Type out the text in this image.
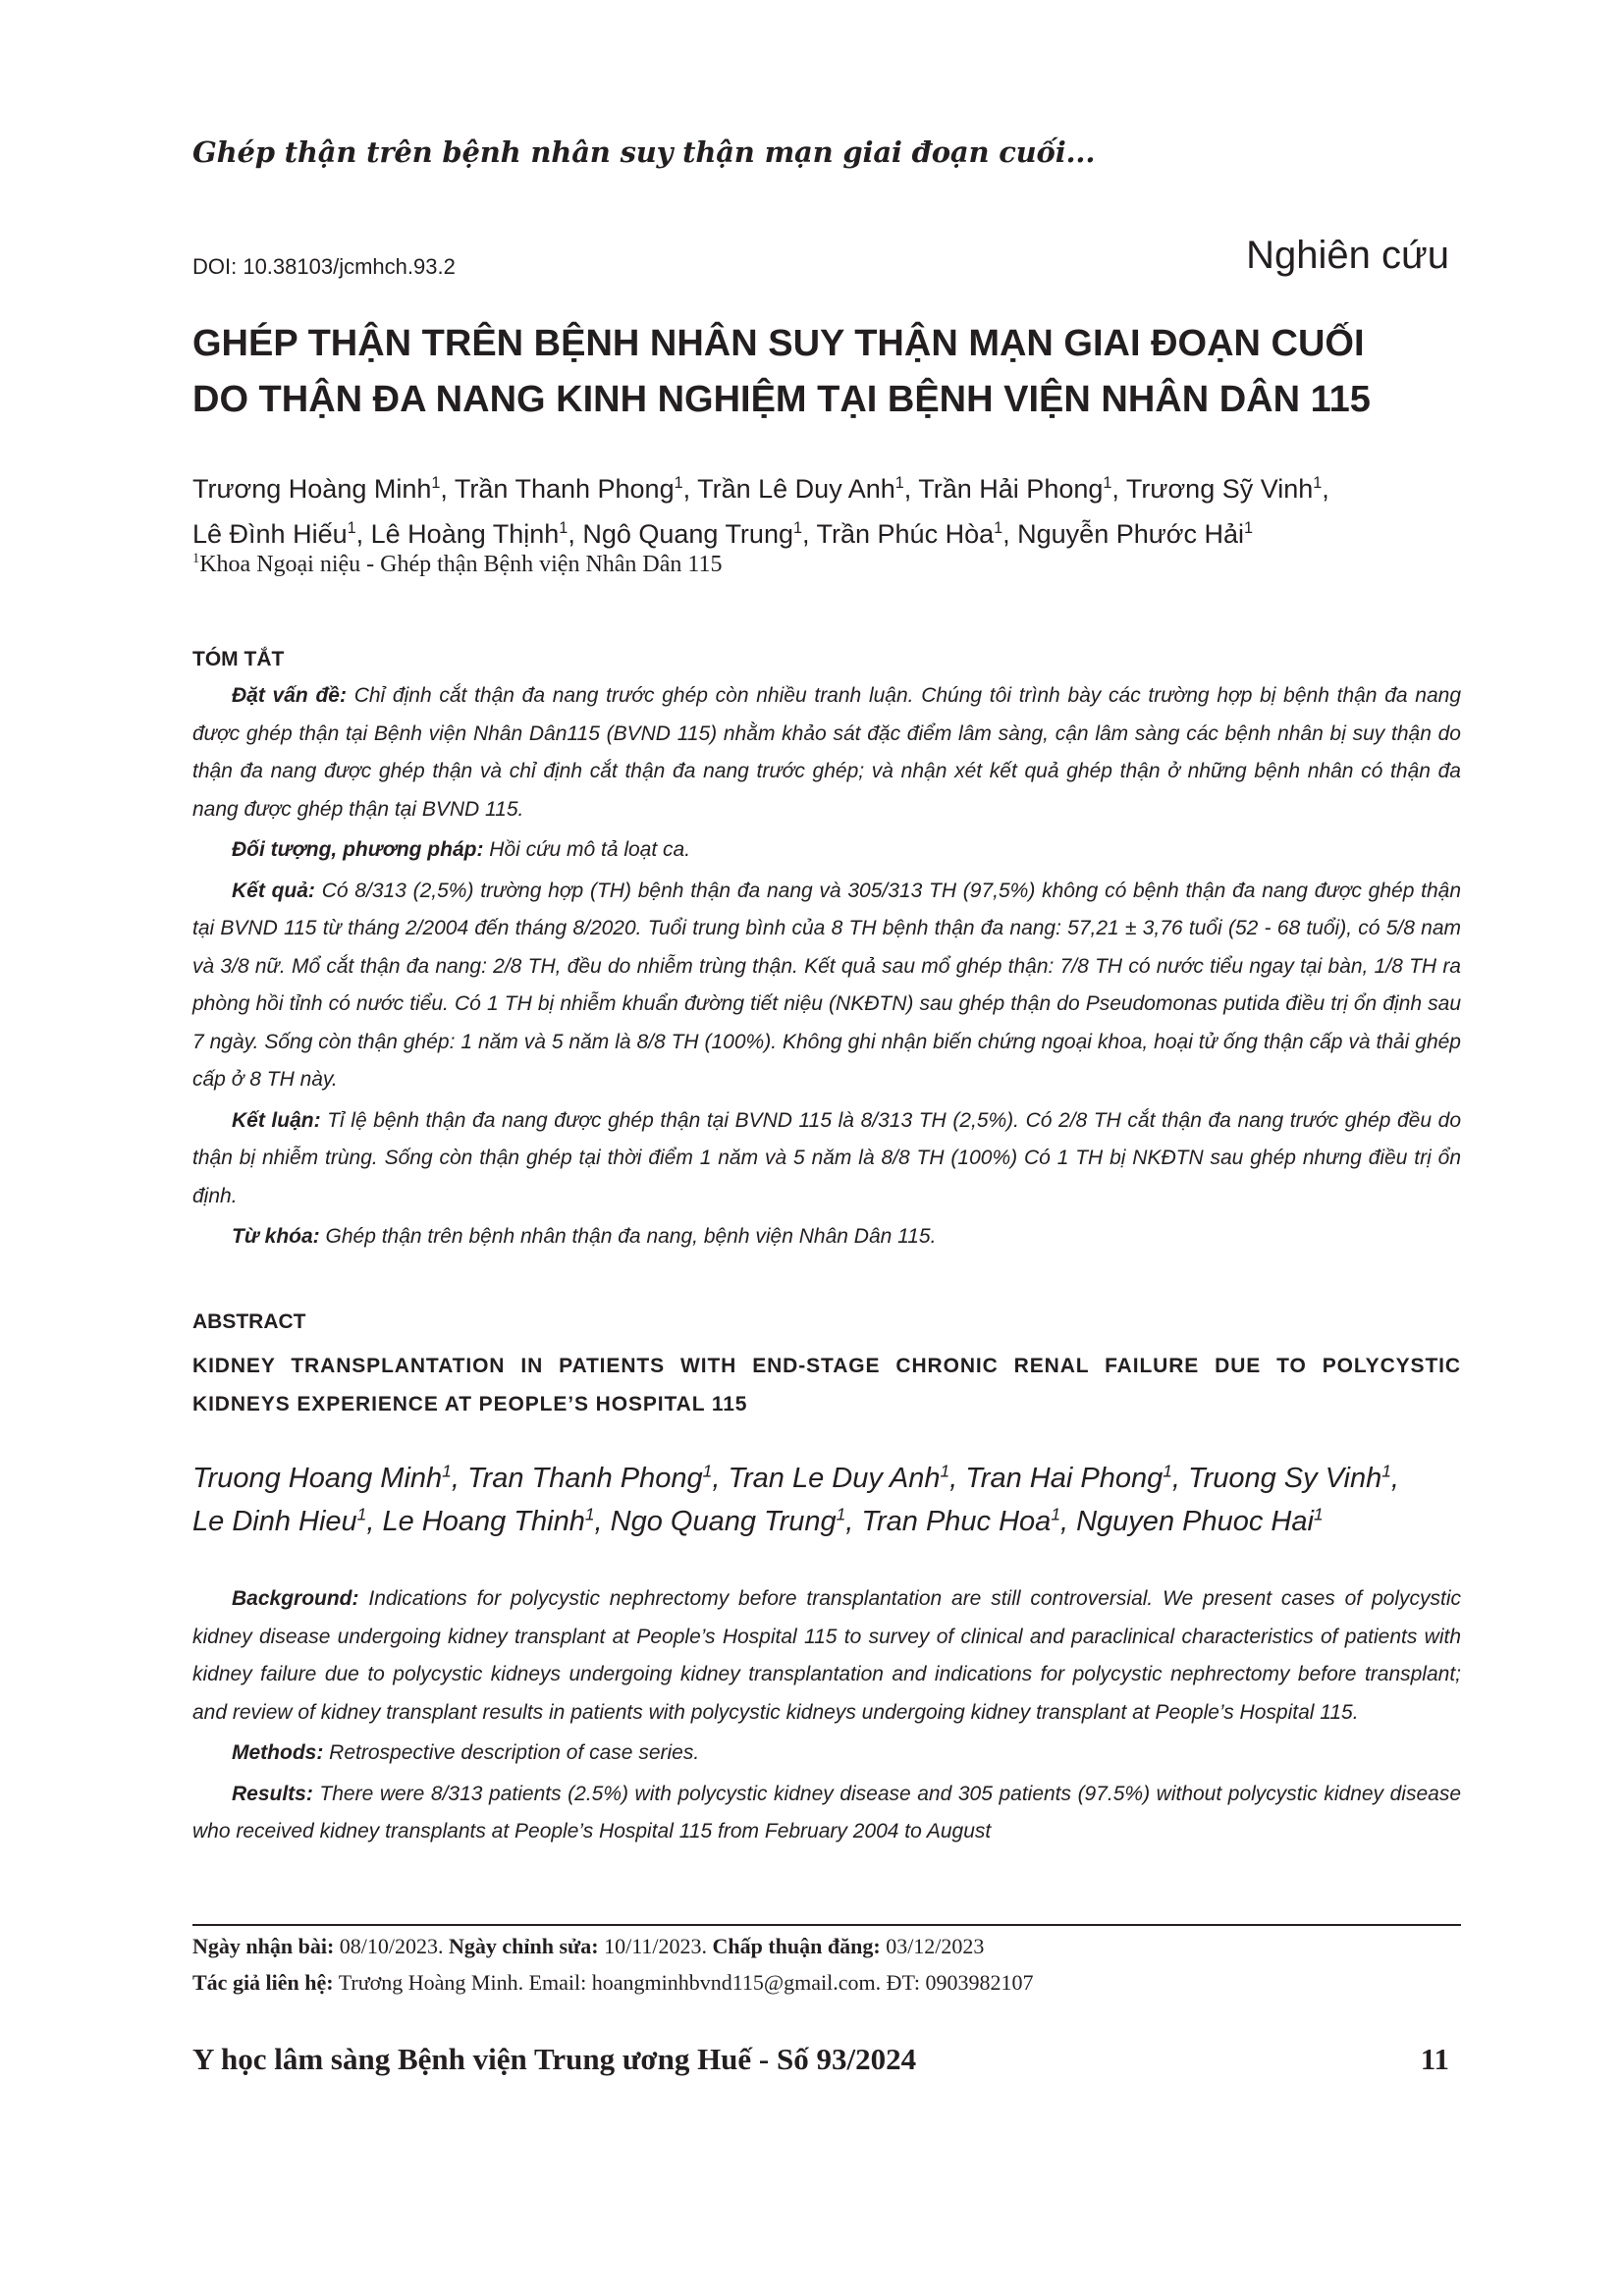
Ghép thận trên bệnh nhân suy thận mạn giai đoạn cuối...
DOI: 10.38103/jcmhch.93.2	Nghiên cứu
GHÉP THẬN TRÊN BỆNH NHÂN SUY THẬN MẠN GIAI ĐOẠN CUỐI
DO THẬN ĐA NANG KINH NGHIỆM TẠI BỆNH VIỆN NHÂN DÂN 115
Trương Hoàng Minh$^1$, Trần Thanh Phong$^1$, Trần Lê Duy Anh$^1$, Trần Hải Phong$^1$, Trương Sỹ Vinh$^1$,
Lê Đình Hiếu$^1$, Lê Hoàng Thịnh$^1$, Ngô Quang Trung$^1$, Trần Phúc Hòa$^1$, Nguyễn Phước Hải$^1$
$^1$Khoa Ngoại niệu - Ghép thận Bệnh viện Nhân Dân 115
TÓM TẮT

Đặt vấn đề: Chỉ định cắt thận đa nang trước ghép còn nhiều tranh luận. Chúng tôi trình bày các trường hợp bị bệnh thận đa nang được ghép thận tại Bệnh viện Nhân Dân115 (BVND 115) nhằm khảo sát đặc điểm lâm sàng, cận lâm sàng các bệnh nhân bị suy thận do thận đa nang được ghép thận và chỉ định cắt thận đa nang trước ghép; và nhận xét kết quả ghép thận ở những bệnh nhân có thận đa nang được ghép thận tại BVND 115.

Đối tượng, phương pháp: Hồi cứu mô tả loạt ca.

Kết quả: Có 8/313 (2,5%) trường hợp (TH) bệnh thận đa nang và 305/313 TH (97,5%) không có bệnh thận đa nang được ghép thận tại BVND 115 từ tháng 2/2004 đến tháng 8/2020. Tuổi trung bình của 8 TH bệnh thận đa nang: 57,21 ± 3,76 tuổi (52 - 68 tuổi), có 5/8 nam và 3/8 nữ. Mổ cắt thận đa nang: 2/8 TH, đều do nhiễm trùng thận. Kết quả sau mổ ghép thận: 7/8 TH có nước tiểu ngay tại bàn, 1/8 TH ra phòng hồi tỉnh có nước tiểu. Có 1 TH bị nhiễm khuẩn đường tiết niệu (NKĐTN) sau ghép thận do Pseudomonas putida điều trị ổn định sau 7 ngày. Sống còn thận ghép: 1 năm và 5 năm là 8/8 TH (100%). Không ghi nhận biến chứng ngoại khoa, hoại tử ống thận cấp và thải ghép cấp ở 8 TH này.

Kết luận: Tỉ lệ bệnh thận đa nang được ghép thận tại BVND 115 là 8/313 TH (2,5%). Có 2/8 TH cắt thận đa nang trước ghép đều do thận bị nhiễm trùng. Sống còn thận ghép tại thời điểm 1 năm và 5 năm là 8/8 TH (100%) Có 1 TH bị NKĐTN sau ghép nhưng điều trị ổn định.

Từ khóa: Ghép thận trên bệnh nhân thận đa nang, bệnh viện Nhân Dân 115.

ABSTRACT
KIDNEY TRANSPLANTATION IN PATIENTS WITH END-STAGE CHRONIC RENAL FAILURE DUE TO POLYCYSTIC KIDNEYS EXPERIENCE AT PEOPLE’S HOSPITAL 115
Truong Hoang Minh$^1$, Tran Thanh Phong$^1$, Tran Le Duy Anh$^1$, Tran Hai Phong$^1$, Truong Sy Vinh$^1$,
Le Dinh Hieu$^1$, Le Hoang Thinh$^1$, Ngo Quang Trung$^1$, Tran Phuc Hoa$^1$, Nguyen Phuoc Hai$^1$

Background: Indications for polycystic nephrectomy before transplantation are still controversial. We present cases of polycystic kidney disease undergoing kidney transplant at People’s Hospital 115 to survey of clinical and paraclinical characteristics of patients with kidney failure due to polycystic kidneys undergoing kidney transplantation and indications for polycystic nephrectomy before transplant; and review of kidney transplant results in patients with polycystic kidneys undergoing kidney transplant at People’s Hospital 115.

Methods: Retrospective description of case series.

Results: There were 8/313 patients (2.5%) with polycystic kidney disease and 305 patients (97.5%) without polycystic kidney disease who received kidney transplants at People’s Hospital 115 from February 2004 to August

Ngày nhận bài: 08/10/2023. Ngày chỉnh sửa: 10/11/2023. Chấp thuận đăng: 03/12/2023
Tác giả liên hệ: Trương Hoàng Minh. Email: hoangminhbvnd115@gmail.com. ĐT: 0903982107
Y học lâm sàng Bệnh viện Trung ương Huế - Số 93/2024	11
